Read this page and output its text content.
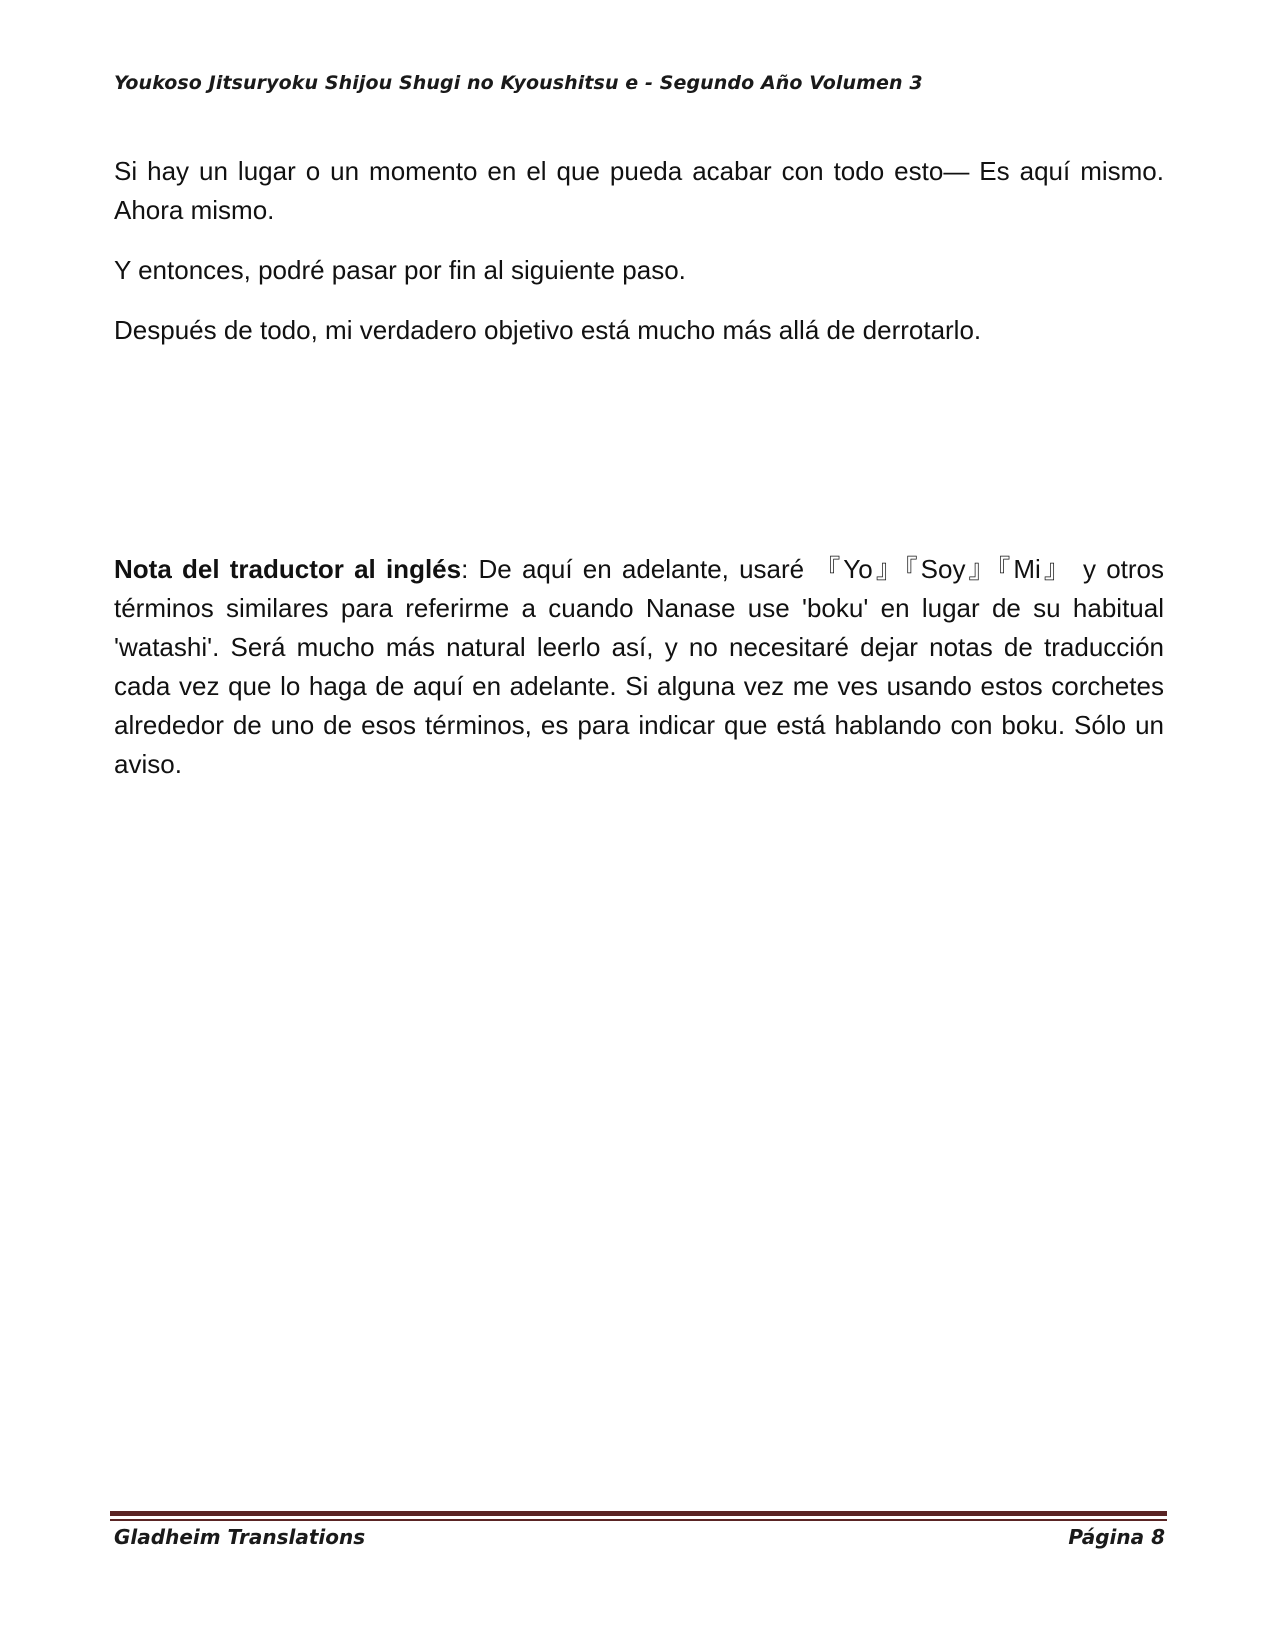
Youkoso Jitsuryoku Shijou Shugi no Kyoushitsu e - Segundo Año Volumen 3

Si hay un lugar o un momento en el que pueda acabar con todo esto— Es aquí mismo. Ahora mismo.

Y entonces, podré pasar por fin al siguiente paso.

Después de todo, mi verdadero objetivo está mucho más allá de derrotarlo.

Nota del traductor al inglés: De aquí en adelante, usaré 『Yo』『Soy』『Mi』 y otros términos similares para referirme a cuando Nanase use 'boku' en lugar de su habitual 'watashi'. Será mucho más natural leerlo así, y no necesitaré dejar notas de traducción cada vez que lo haga de aquí en adelante. Si alguna vez me ves usando estos corchetes alrededor de uno de esos términos, es para indicar que está hablando con boku. Sólo un aviso.

Gladheim Translations	Página 8
